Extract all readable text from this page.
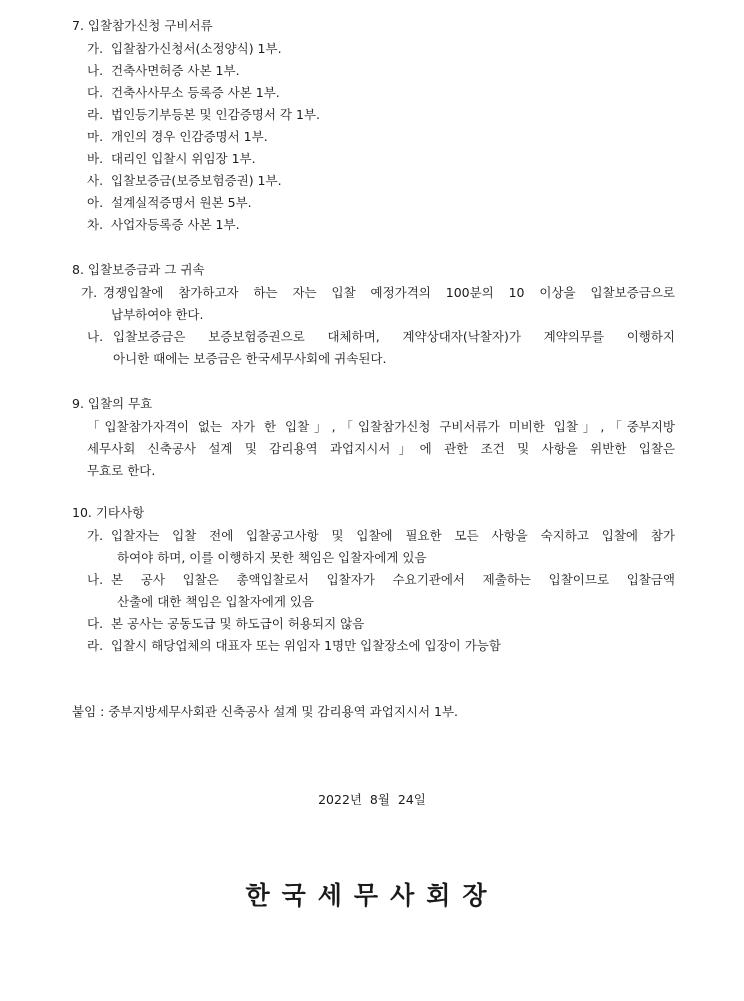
7. 입찰참가신청 구비서류
가. 입찰참가신청서(소정양식) 1부.
나. 건축사면허증 사본 1부.
다. 건축사사무소 등록증 사본 1부.
라. 법인등기부등본 및 인감증명서 각 1부.
마. 개인의 경우 인감증명서 1부.
바. 대리인 입찰시 위임장 1부.
사. 입찰보증금(보증보험증권) 1부.
아. 설계실적증명서 원본 5부.
차. 사업자등록증 사본 1부.
8. 입찰보증금과 그 귀속
가. 경쟁입찰에 참가하고자 하는 자는 입찰 예정가격의 100분의 10 이상을 입찰보증금으로
납부하여야 한다.
나. 입찰보증금은 보증보험증권으로 대체하며, 계약상대자(낙찰자)가 계약의무를 이행하지
아니한 때에는 보증금은 한국세무사회에 귀속된다.
9. 입찰의 무효
「입찰참가자격이 없는 자가 한 입찰」,「입찰참가신청 구비서류가 미비한 입찰」,「중부지방
세무사회 신축공사 설계 및 감리용역 과업지시서」에 관한 조건 및 사항을 위반한 입찰은
무효로 한다.
10. 기타사항
가. 입찰자는 입찰 전에 입찰공고사항 및 입찰에 필요한 모든 사항을 숙지하고 입찰에 참가
하여야 하며, 이를 이행하지 못한 책임은 입찰자에게 있음
나. 본 공사 입찰은 총액입찰로서 입찰자가 수요기관에서 제출하는 입찰이므로 입찰금액
산출에 대한 책임은 입찰자에게 있음
다. 본 공사는 공동도급 및 하도급이 허용되지 않음
라. 입찰시 해당업체의 대표자 또는 위임자 1명만 입찰장소에 입장이 가능함
붙임 : 중부지방세무사회관 신축공사 설계 및 감리용역 과업지시서 1부.
2022년  8월  24일
한국세무사회장
